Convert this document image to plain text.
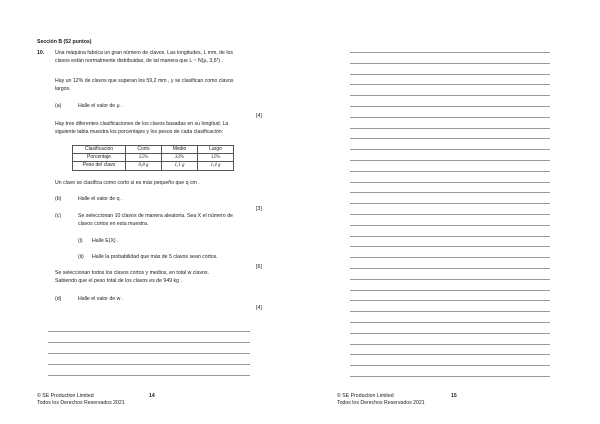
Sección B (52 puntos)
10. Una máquina fabrica un gran número de clavos. Las longitudes, L mm, de los
clavos están normalmente distribuidas, de tal manera que L ~ N(μ, 3,5²) .
Hay un 12% de clavos que superan los 59,2 mm , y se clasifican como clavos
largos.
(a)	Halle el valor de μ .
[4]
Hay tres diferentes clasificaciones de los clavos basadas en su longitud. La
siguiente tabla muestra los porcentajes y los pesos de cada clasificación:
Clasificación	Corto	Medio	Largo
Porcentaje	55%	33%	12%
Peso del clavo	0,8 g	1,1 g	1,4 g
Un clavo se clasifica como corto si es más pequeño que q cm .
(b)	Halle el valor de q .
[3]
(c)	Se seleccionan 10 clavos de manera aleatoria. Sea X el número de
clavos cortos en esta muestra.
(i) Halle E(X) .
(ii) Halle la probabilidad que más de 5 clavos sean cortos.
[6]
Se seleccionan todos los clavos cortos y medios, en total w clavos.
Sabiendo que el peso total de los clavos es de 949 kg .
(d)	Halle el valor de w .
[4]
© SE Production Limited
Todos los Derechos Reservados 2021
14	© SE Production Limited
Todos los Derechos Reservados 2021
15
